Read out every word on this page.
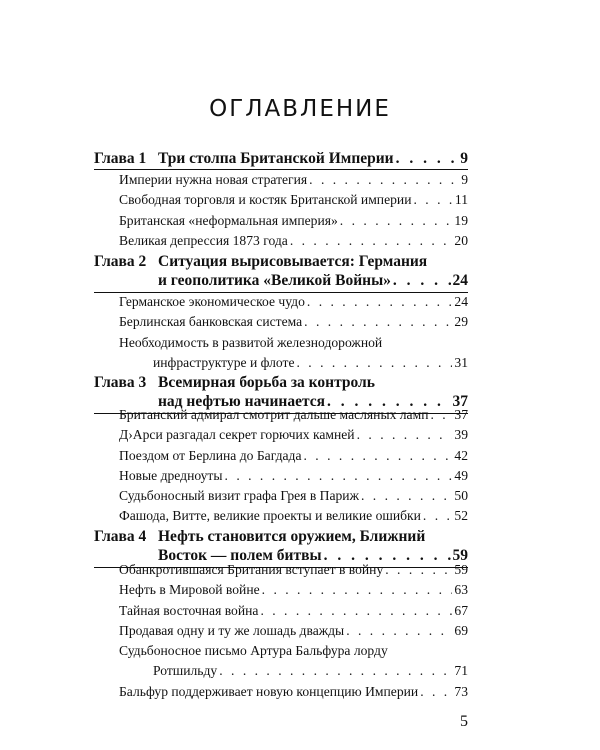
ОГЛАВЛЕНИЕ
Глава 1 Три столпа Британской Империи . . .	9
Империи нужна новая стратегия . . .	9
Свободная торговля и костяк Британской империи . . .	11
Британская «неформальная империя» . . .	19
Великая депрессия 1873 года . . .	20
Глава 2 Ситуация вырисовывается: Германия
и геополитика «Великой Войны» . . .	24
Германское экономическое чудо . . .	24
Берлинская банковская система . . .	29
Необходимость в развитой железнодорожной
инфраструктуре и флоте . . .	31
Глава 3 Всемирная борьба за контроль
над нефтью начинается . . .	37
Британский адмирал смотрит дальше масляных ламп . . . 37
Д›Арси разгадал секрет горючих камней . . .	39
Поездом от Берлина до Багдада . . .	42
Новые дредноуты . . .	49
Судьбоносный визит графа Грея в Париж . . .	50
Фашода, Витте, великие проекты и великие ошибки . . . 52
Глава 4 Нефть становится оружием, Ближний
Восток — полем битвы . . .	59
Обанкротившаяся Британия вступает в войну . . .	59
Нефть в Мировой войне . . .	63
Тайная восточная война . . .	67
Продавая одну и ту же лошадь дважды . . .	69
Судьбоносное письмо Артура Бальфура лорду
Ротшильду . . .	71
Бальфур поддерживает новую концепцию Империи . . .	73
5
